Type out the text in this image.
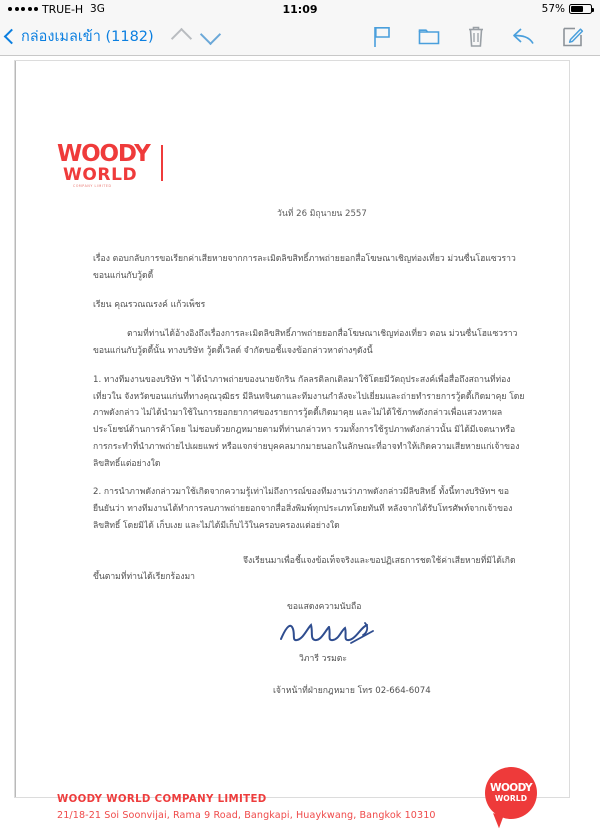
TRUE-H 3G	11:09	57%
กล่องเมลเข้า (1182)
WOODY
WORLD
COMPANY LIMITED
วันที่ 26 มิถุนายน 2557

เรื่อง ตอบกลับการขอเรียกค่าเสียหายจากการละเมิดลิขสิทธิ์ภาพถ่ายยอกสื่อโฆษณาเชิญท่องเที่ยว ม่วนซื่นโฮแซวราว ขอนแก่นกับวู้ดดี้

เรียน คุณรวณณรงค์ แก้วเพ็ชร

ตามที่ท่านได้อ้างอิงถึงเรื่องการละเมิดลิขสิทธิ์ภาพถ่ายยอกสื่อโฆษณาเชิญท่องเที่ยว ตอน ม่วนซื่นโฮแซวราว ขอนแก่นกับวู้ดดี้นั้น ทางบริษัท วู้ดดี้เวิลด์ จำกัดขอชี้แจงข้อกล่าวหาต่างๆดังนี้

1. ทางทีมงานของบริษัท ฯ ได้นำภาพถ่ายของนายจักริน กัลลรติลกเติลมาใช้โดยมีวัตถุประสงค์เพื่อสื่อถึงสถานที่ท่องเที่ยวใน จังหวัดขอนแก่นที่ทางคุณวุฒิธร มีลินทจินดาและทีมงานกำลังจะไปเยี่ยมและถ่ายทำรายการวู้ดดี้เกิดมาคุย โดยภาพดังกล่าว ไม่ได้นำมาใช้ในการยอกยากาศของรายการวู้ดดี้เกิดมาคุย และไม่ได้ใช้ภาพดังกล่าวเพื่อแสวงหาผลประโยชน์ด้านการค้าโดย ไม่ชอบด้วยกฎหมายตามที่ท่านกล่าวหา รวมทั้งการใช้รูปภาพดังกล่าวนั้น มิได้มีเจตนาหรือการกระทำที่นำภาพถ่ายไปเผยแพร่ หรือแจกจ่ายบุคคลมากมายนอกในลักษณะที่อาจทำให้เกิดความเสียหายแก่เจ้าของลิขสิทธิ์แต่อย่างใด

2. การนำภาพดังกล่าวมาใช้เกิดจากความรู้เท่าไม่ถึงการณ์ของทีมงานว่าภาพดังกล่าวมีลิขสิทธิ์ ทั้งนี้ทางบริษัทฯ ขอยืนยันว่า ทางทีมงานได้ทำการลบภาพถ่ายยอกจากสื่อสิ่งพิมพ์ทุกประเภทโดยทันที หลังจากได้รับโทรศัพท์จากเจ้าของลิขสิทธิ์ โดยมิได้ เก็บเงย และไม่ได้มีเก็บไว้ในครอบครองแต่อย่างใด

จึงเรียนมาเพื่อชี้แจงข้อเท็จจริงและขอปฏิเสธการชดใช้ค่าเสียหายที่มิได้เกิดขึ้นตามที่ท่านได้เรียกร้องมา

ขอแสดงความนับถือ
วิภารี วรมตะ
เจ้าหน้าที่ฝ่ายกฎหมาย โทร 02-664-6074

WOODY WORLD COMPANY LIMITED

21/18-21 Soi Soonvijai, Rama 9 Road, Bangkapi, Huaykwang, Bangkok 10310

WOODY
WORLD
